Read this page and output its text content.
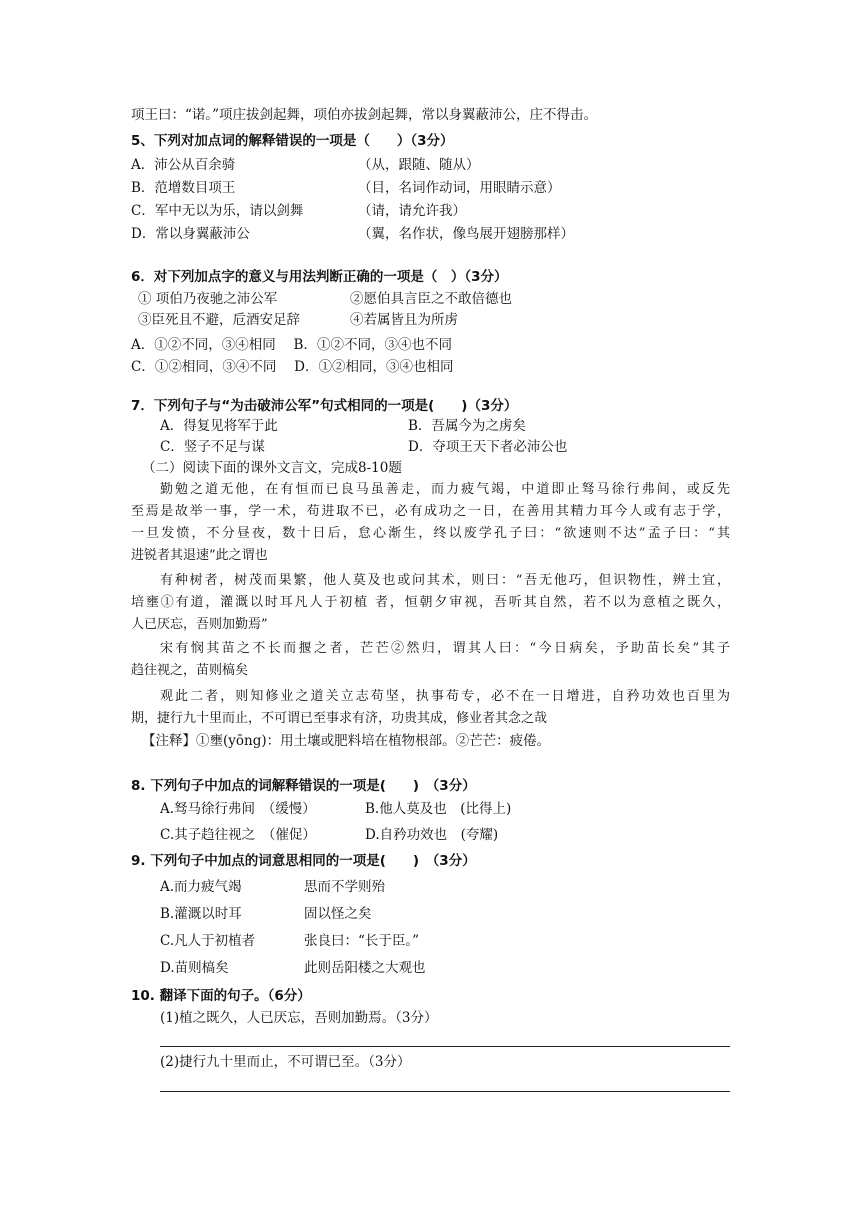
项王曰：“诺。”项庄拔剑起舞，项伯亦拔剑起舞，常以身翼蔽沛公，庄不得击。
5、下列对加点词的解释错误的一项是（　　）（3分）
A．沛公从百余骑	（从，跟随、随从）
B．范增数目项王	（目，名词作动词，用眼睛示意）
C．军中无以为乐，请以剑舞	（请，请允许我）
D．常以身翼蔽沛公	（翼，名作状，像鸟展开翅膀那样）
6．对下列加点字的意义与用法判断正确的一项是（　）（3分）
① 项伯乃夜驰之沛公军	②愿伯具言臣之不敢倍德也
③臣死且不避，卮酒安足辞	④若属皆且为所虏
A．①②不同，③④相同　 B．①②不同，③④也不同
C．①②相同，③④不同　 D．①②相同，③④也相同
7．下列句子与“为击破沛公军”句式相同的一项是(　　)（3分）
A．得复见将军于此	B．吾属今为之虏矣
C．竖子不足与谋	D．夺项王天下者必沛公也
（二）阅读下面的课外文言文，完成8-10题
勤勉之道无他，在有恒而已良马虽善走，而力疲气竭，中道即止驽马徐行弗间，或反先
至焉是故举一事，学一术，苟进取不已，必有成功之一日，在善用其精力耳今人或有志于学，
一旦发愤，不分昼夜，数十日后，怠心渐生，终以废学孔子曰：“欲速则不达”孟子曰：“其
进锐者其退速”此之谓也
有种树者，树茂而果繁，他人莫及也或问其术，则曰：“吾无他巧，但识物性，辨土宜，
培壅①有道，灌溉以时耳凡人于初植 者，恒朝夕审视，吾听其自然，若不以为意植之既久，
人已厌忘，吾则加勤焉”
宋有悯其苗之不长而揠之者，芒芒②然归，谓其人曰：“今日病矣，予助苗长矣”其子
趋往视之，苗则槁矣
观此二者，则知修业之道关立志苟坚，执事苟专，必不在一日增进，自矜功效也百里为
期，捷行九十里而止，不可谓已至事求有济，功贵其成，修业者其念之哉
【注释】①壅(yōng)：用土壤或肥料培在植物根部。②芒芒：疲倦。
8. 下列句子中加点的词解释错误的一项是(　　)　（3分）
A.驽马徐行弗间　（缓慢）	B.他人莫及也　(比得上)
C.其子趋往视之　（催促）	D.自矜功效也　(夸耀)
9. 下列句子中加点的词意思相同的一项是(　　)　（3分）
A.而力疲气竭	思而不学则殆
B.灌溉以时耳	固以怪之矣
C.凡人于初植者	张良曰：“长于臣。”
D.苗则槁矣	此则岳阳楼之大观也
10. 翻译下面的句子。（6分）
(1)植之既久，人已厌忘，吾则加勤焉。（3分）
(2)捷行九十里而止，不可谓已至。（3分）
